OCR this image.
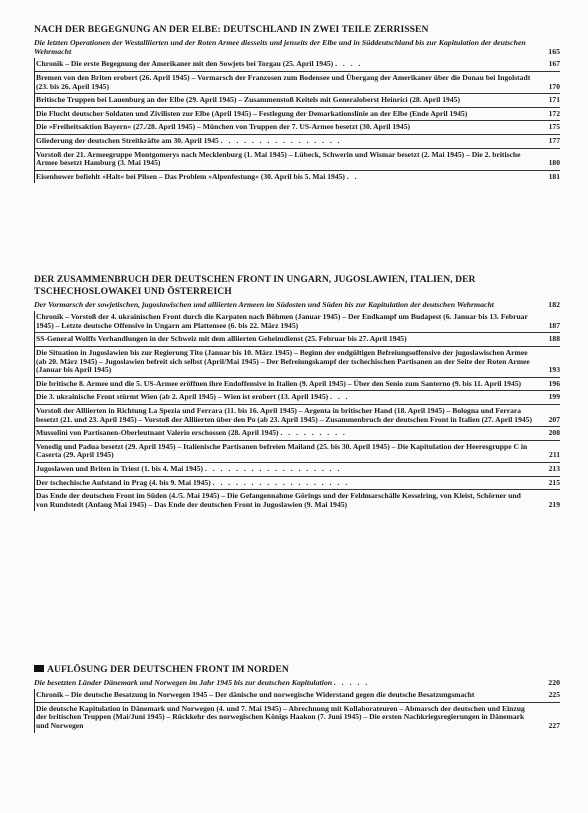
NACH DER BEGEGNUNG AN DER ELBE: DEUTSCHLAND IN ZWEI TEILE ZERRISSEN
Die letzten Operationen der Westalliierten und der Roten Armee diesseits und jenseits der Elbe und in Süddeutschland bis zur Kapitulation der deutschen Wehrmacht	165
Chronik – Die erste Begegnung der Amerikaner mit den Sowjets bei Torgau (25. April 1945) . . . .	167
Bremen von den Briten erobert (26. April 1945) – Vormarsch der Franzosen zum Bodensee und Übergang der Amerikaner über die Donau bei Ingolstadt (23. bis 26. April 1945)	170
Britische Truppen bei Lauenburg an der Elbe (29. April 1945) – Zusammenstoß Keitels mit Generaloberst Heinrici (28. April 1945)	171
Die Flucht deutscher Soldaten und Zivilisten zur Elbe (April 1945) – Festlegung der Demarkationslinie an der Elbe (Ende April 1945)	172
Die »Freiheitsaktion Bayern« (27./28. April 1945) – München von Truppen der 7. US-Armee besetzt (30. April 1945)	175
Gliederung der deutschen Streitkräfte am 30. April 1945 . . . . . . . . . . . . . . . .	177
Vorstoß der 21. Armeegruppe Montgomerys nach Mecklenburg (1. Mai 1945) – Lübeck, Schwerin und Wismar besetzt (2. Mai 1945) – Die 2. britische Armee besetzt Hamburg (3. Mai 1945)	180
Eisenhower befiehlt »Halt« bei Pilsen – Das Problem »Alpenfestung« (30. April bis 5. Mai 1945) . .	181
DER ZUSAMMENBRUCH DER DEUTSCHEN FRONT IN UNGARN, JUGOSLAWIEN, ITALIEN, DER TSCHECHOSLOWAKEI UND ÖSTERREICH
Der Vormarsch der sowjetischen, jugoslawischen und alliierten Armeen im Südosten und Süden bis zur Kapitulation der deutschen Wehrmacht	182
Chronik – Vorstoß der 4. ukrainischen Front durch die Karpaten nach Böhmen (Januar 1945) – Der Endkampf um Budapest (6. Januar bis 13. Februar 1945) – Letzte deutsche Offensive in Ungarn am Plattensee (6. bis 22. März 1945)	187
SS-General Wolffs Verhandlungen in der Schweiz mit dem alliierten Geheimdienst (25. Februar bis 27. April 1945)	188
Die Situation in Jugoslawien bis zur Regierung Tito (Januar bis 10. März 1945) – Beginn der endgültigen Befreiungsoffensive der jugoslawischen Armee (ab 20. März 1945) – Jugoslawien befreit sich selbst (April/Mai 1945) – Der Befreiungskampf der tschechischen Partisanen an der Seite der Roten Armee (Januar bis April 1945)	193
Die britische 8. Armee und die 5. US-Armee eröffnen ihre Endoffensive in Italien (9. April 1945) – Über den Senio zum Santerno (9. bis 11. April 1945)	196
Die 3. ukrainische Front stürmt Wien (ab 2. April 1945) – Wien ist erobert (13. April 1945) . . .	199
Vorstoß der Alliierten in Richtung La Spezia und Ferrara (11. bis 16. April 1945) – Argenta in britischer Hand (18. April 1945) – Bologna und Ferrara besetzt (21. und 23. April 1945) – Vorstoß der Alliierten über den Po (ab 23. April 1945) – Zusammenbruch der deutschen Front in Italien (27. April 1945) 207
Mussolini von Partisanen-Oberleutnant Valerio erschossen (28. April 1945) . . . . . . . . .	208
Venedig und Padua besetzt (29. April 1945) – Italienische Partisanen befreien Mailand (25. bis 30. April 1945) – Die Kapitulation der Heeresgruppe C in Caserta (29. April 1945)	211
Jugoslawen und Briten in Triest (1. bis 4. Mai 1945) . . . . . . . . . . . . . . . . . .	213
Der tschechische Aufstand in Prag (4. bis 9. Mai 1945) . . . . . . . . . . . . . . . . . .	215
Das Ende der deutschen Front im Süden (4./5. Mai 1945) – Die Gefangennahme Görings und der Feldmarschälle Kesselring, von Kleist, Schörner und von Rundstedt (Anfang Mai 1945) – Das Ende der deutschen Front in Jugoslawien (9. Mai 1945)	219
AUFLÖSUNG DER DEUTSCHEN FRONT IM NORDEN
Die besetzten Länder Dänemark und Norwegen im Jahr 1945 bis zur deutschen Kapitulation . . . . .	220
Chronik – Die deutsche Besatzung in Norwegen 1945 – Der dänische und norwegische Widerstand gegen die deutsche Besatzungsmacht	225
Die deutsche Kapitulation in Dänemark und Norwegen (4. und 7. Mai 1945) – Abrechnung mit Kollaborateuren – Abmarsch der deutschen und Einzug der britischen Truppen (Mai/Juni 1945) – Rückkehr des norwegischen Königs Haakon (7. Juni 1945) – Die ersten Nachkriegsregierungen in Dänemark und Norwegen	227
